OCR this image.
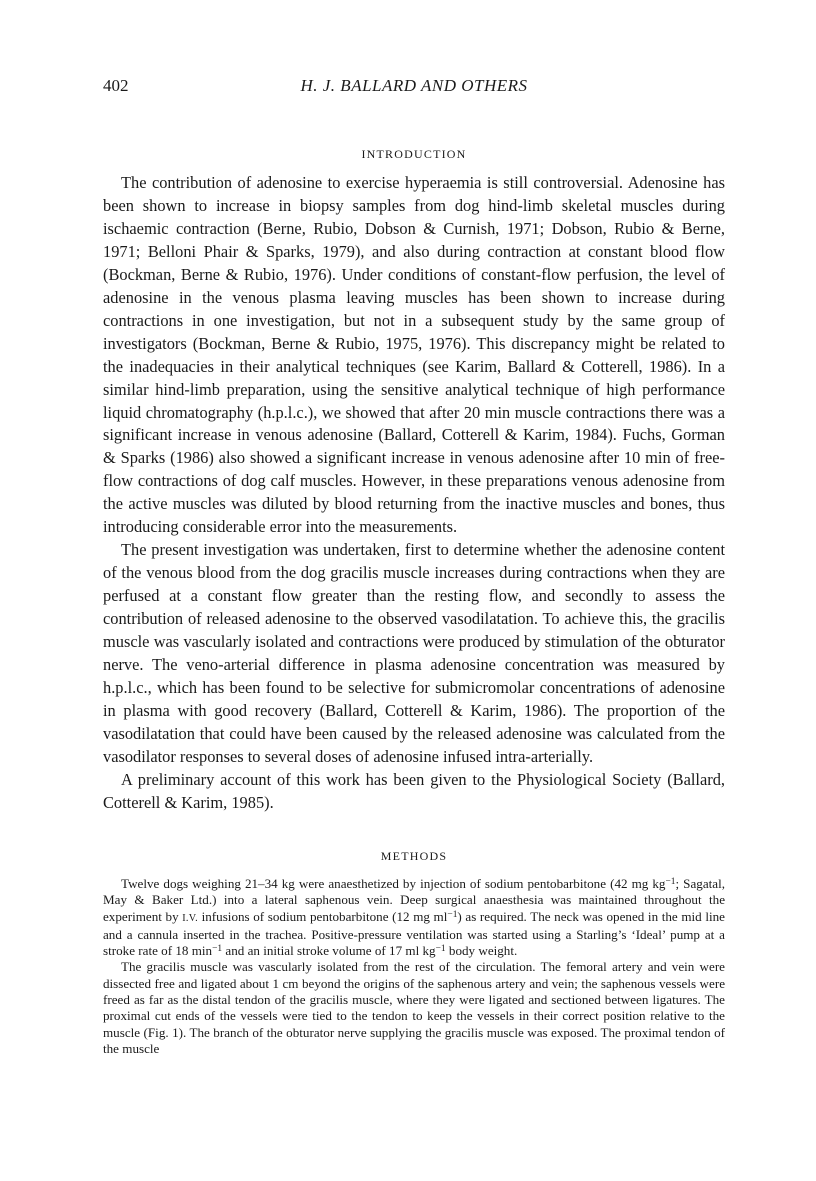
402	H. J. BALLARD AND OTHERS
INTRODUCTION

The contribution of adenosine to exercise hyperaemia is still controversial. Adenosine has been shown to increase in biopsy samples from dog hind-limb skeletal muscles during ischaemic contraction (Berne, Rubio, Dobson & Curnish, 1971; Dobson, Rubio & Berne, 1971; Belloni Phair & Sparks, 1979), and also during contraction at constant blood flow (Bockman, Berne & Rubio, 1976). Under conditions of constant-flow perfusion, the level of adenosine in the venous plasma leaving muscles has been shown to increase during contractions in one investigation, but not in a subsequent study by the same group of investigators (Bockman, Berne & Rubio, 1975, 1976). This discrepancy might be related to the inadequacies in their analytical techniques (see Karim, Ballard & Cotterell, 1986). In a similar hind-limb preparation, using the sensitive analytical technique of high performance liquid chromatography (h.p.l.c.), we showed that after 20 min muscle contractions there was a significant increase in venous adenosine (Ballard, Cotterell & Karim, 1984). Fuchs, Gorman & Sparks (1986) also showed a significant increase in venous adenosine after 10 min of free-flow contractions of dog calf muscles. However, in these preparations venous adenosine from the active muscles was diluted by blood returning from the inactive muscles and bones, thus introducing considerable error into the measurements.

The present investigation was undertaken, first to determine whether the adenosine content of the venous blood from the dog gracilis muscle increases during contractions when they are perfused at a constant flow greater than the resting flow, and secondly to assess the contribution of released adenosine to the observed vasodilatation. To achieve this, the gracilis muscle was vascularly isolated and contractions were produced by stimulation of the obturator nerve. The veno-arterial difference in plasma adenosine concentration was measured by h.p.l.c., which has been found to be selective for submicromolar concentrations of adenosine in plasma with good recovery (Ballard, Cotterell & Karim, 1986). The proportion of the vasodilatation that could have been caused by the released adenosine was calculated from the vasodilator responses to several doses of adenosine infused intra-arterially.

A preliminary account of this work has been given to the Physiological Society (Ballard, Cotterell & Karim, 1985).

METHODS

Twelve dogs weighing 21–34 kg were anaesthetized by injection of sodium pentobarbitone (42 mg $kg^{-1}$; Sagatal, May & Baker Ltd.) into a lateral saphenous vein. Deep surgical anaesthesia was maintained throughout the experiment by I.V. infusions of sodium pentobarbitone (12 mg $ml^{-1}$) as required. The neck was opened in the mid line and a cannula inserted in the trachea. Positive-pressure ventilation was started using a Starling’s ‘Ideal’ pump at a stroke rate of 18 $\min^{-1}$ and an initial stroke volume of 17 ml $kg^{-1}$ body weight.

The gracilis muscle was vascularly isolated from the rest of the circulation. The femoral artery and vein were dissected free and ligated about 1 cm beyond the origins of the saphenous artery and vein; the saphenous vessels were freed as far as the distal tendon of the gracilis muscle, where they were ligated and sectioned between ligatures. The proximal cut ends of the vessels were tied to the tendon to keep the vessels in their correct position relative to the muscle (Fig. 1). The branch of the obturator nerve supplying the gracilis muscle was exposed. The proximal tendon of the muscle
